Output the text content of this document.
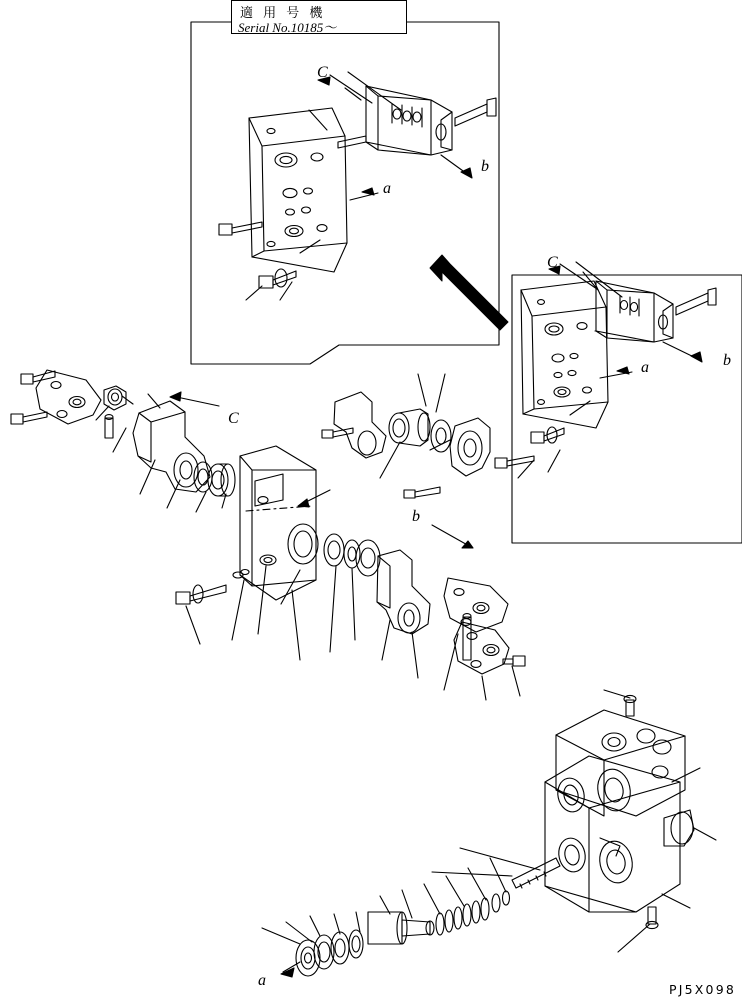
適 用 号 機
Serial No.10185〜
C
a
b
C
a	b
C
b
a
PJ5X098
